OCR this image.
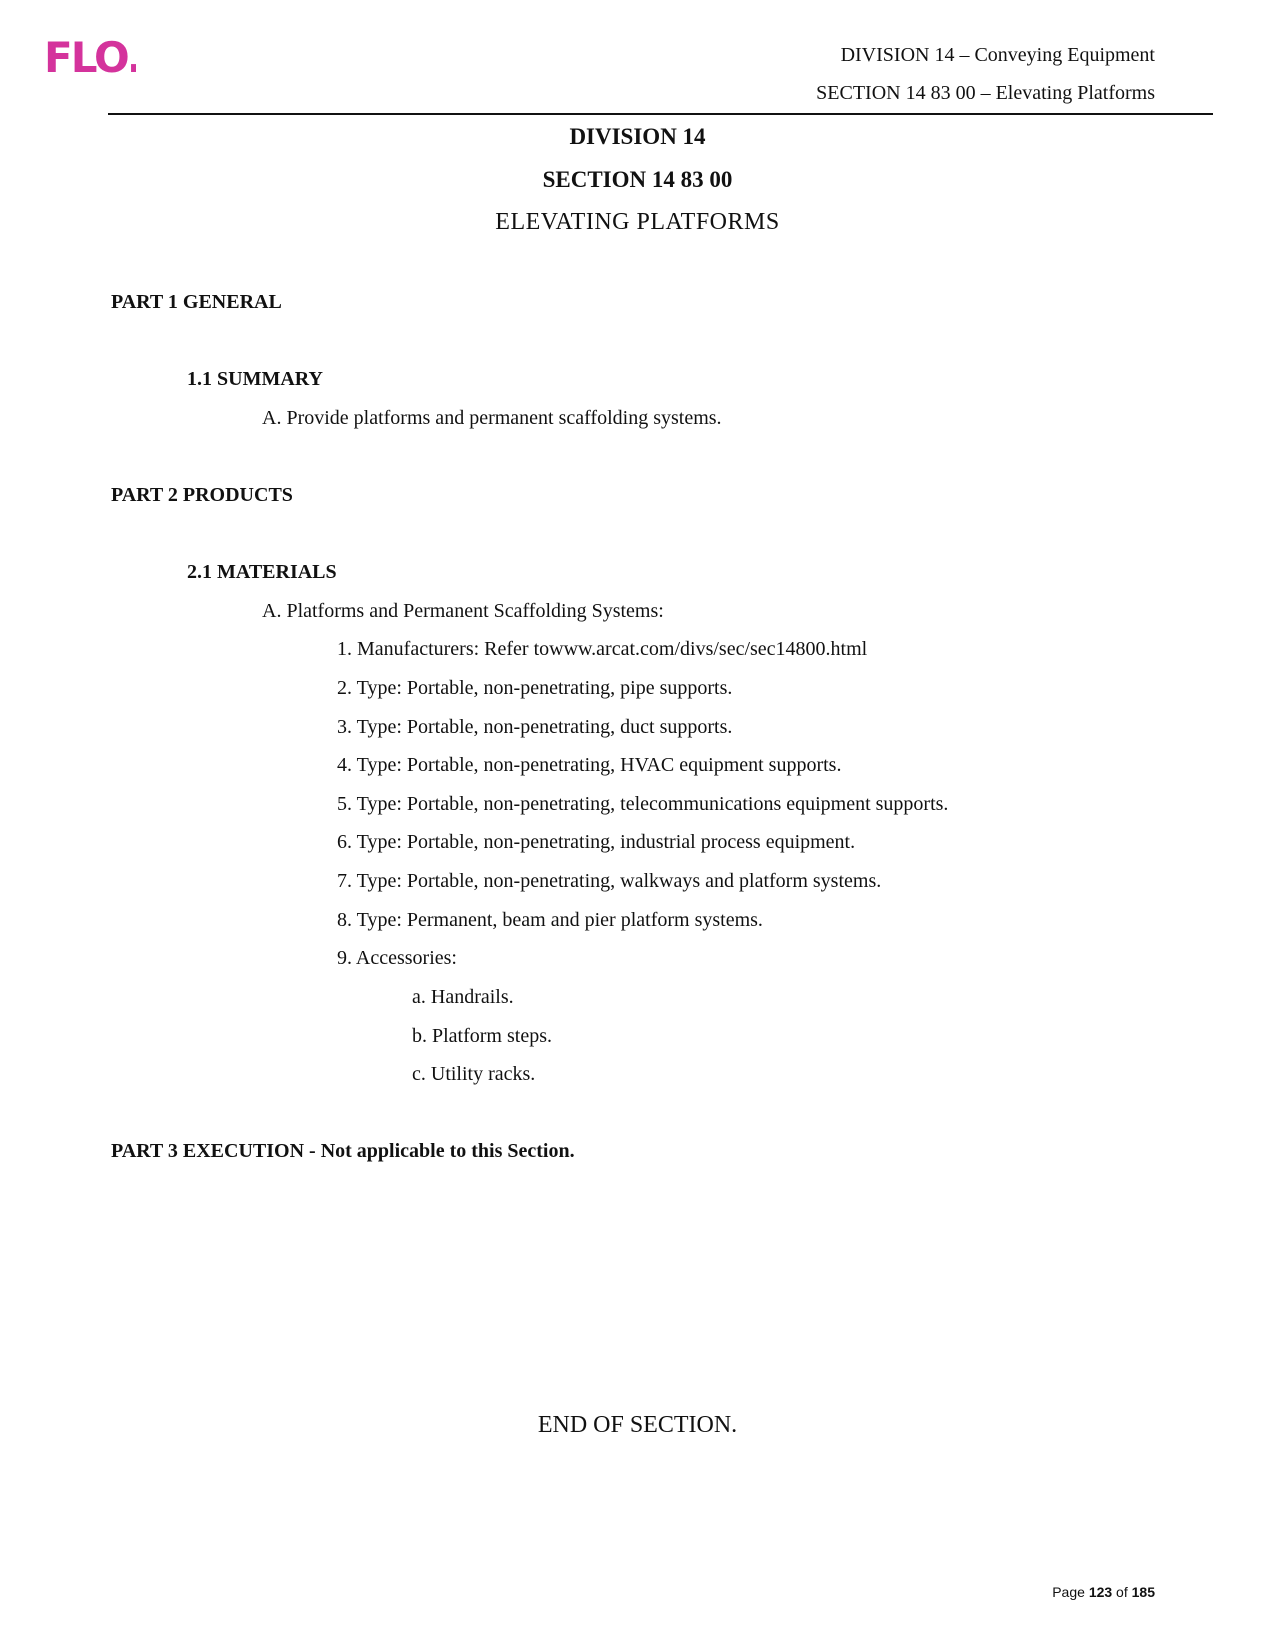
FLO.	DIVISION 14 – Conveying Equipment
SECTION 14 83 00 – Elevating Platforms
DIVISION 14
SECTION 14 83 00
ELEVATING PLATFORMS
PART 1 GENERAL
1.1 SUMMARY
A. Provide platforms and permanent scaffolding systems.
PART 2 PRODUCTS
2.1 MATERIALS
A. Platforms and Permanent Scaffolding Systems:
1. Manufacturers: Refer towww.arcat.com/divs/sec/sec14800.html
2. Type: Portable, non-penetrating, pipe supports.
3. Type: Portable, non-penetrating, duct supports.
4. Type: Portable, non-penetrating, HVAC equipment supports.
5. Type: Portable, non-penetrating, telecommunications equipment supports.
6. Type: Portable, non-penetrating, industrial process equipment.
7. Type: Portable, non-penetrating, walkways and platform systems.
8. Type: Permanent, beam and pier platform systems.
9. Accessories:
a. Handrails.
b. Platform steps.
c. Utility racks.
PART 3 EXECUTION - Not applicable to this Section.
END OF SECTION.
Page 123 of 185
